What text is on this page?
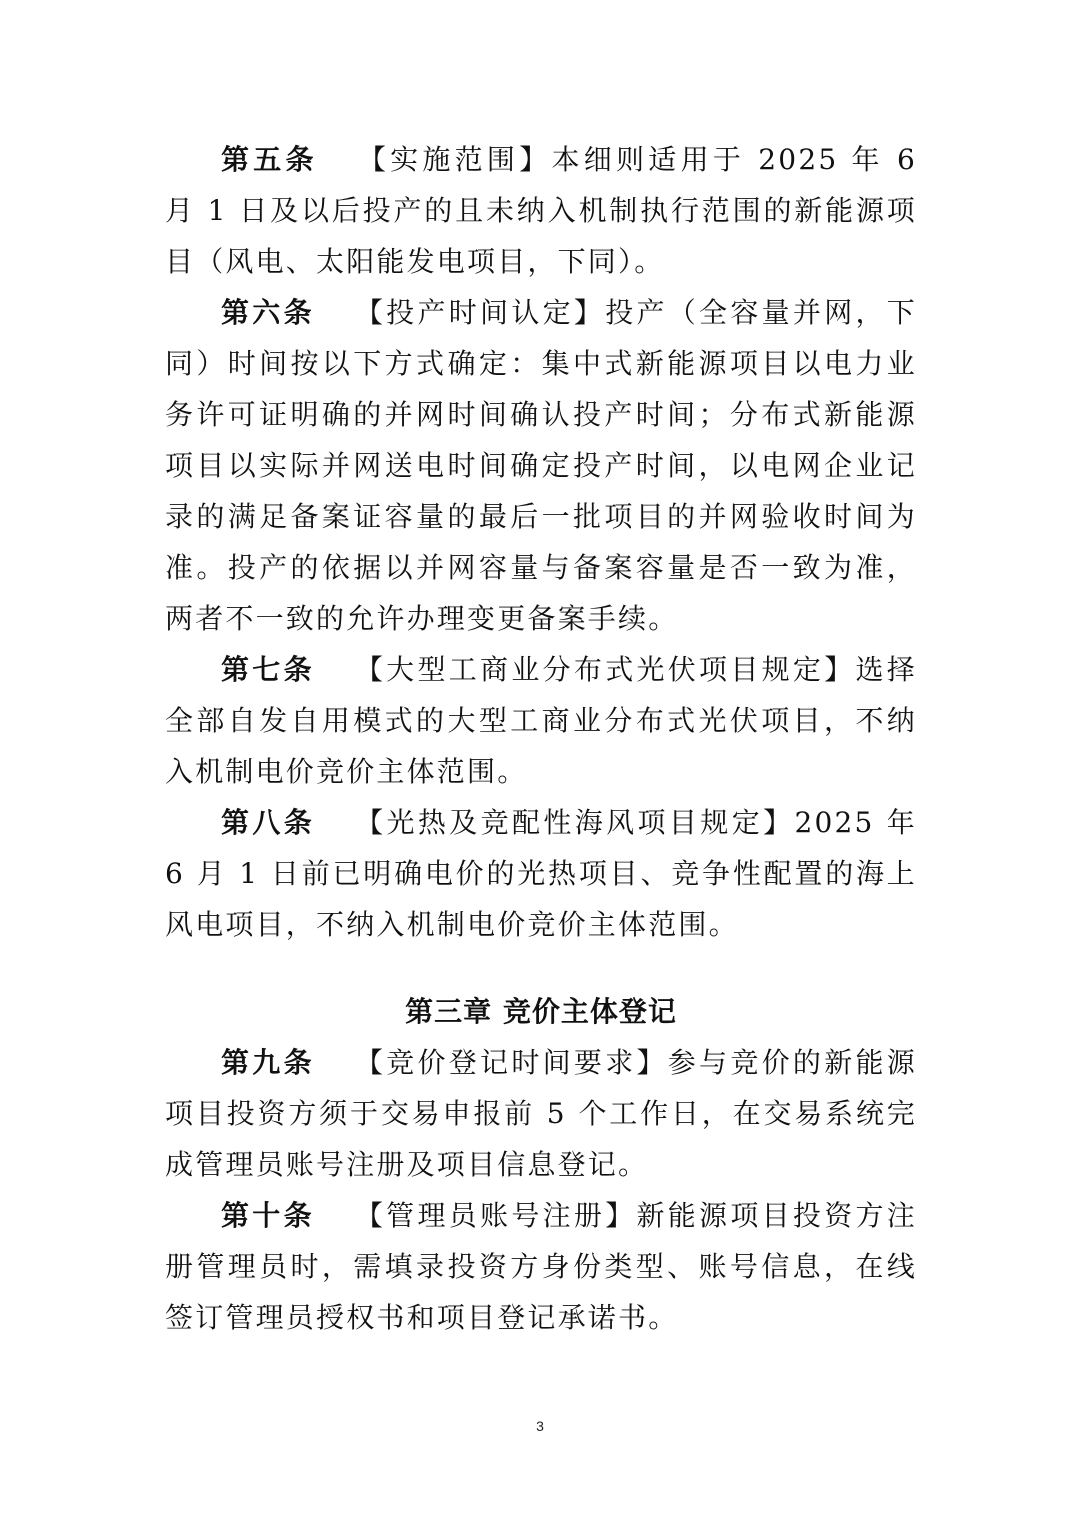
第五条 【实施范围】本细则适用于 2025 年 6 月 1 日及以后投产的且未纳入机制执行范围的新能源项目（风电、太阳能发电项目，下同）。

第六条 【投产时间认定】投产（全容量并网，下同）时间按以下方式确定：集中式新能源项目以电力业务许可证明确的并网时间确认投产时间；分布式新能源项目以实际并网送电时间确定投产时间，以电网企业记录的满足备案证容量的最后一批项目的并网验收时间为准。投产的依据以并网容量与备案容量是否一致为准，两者不一致的允许办理变更备案手续。

第七条 【大型工商业分布式光伏项目规定】选择全部自发自用模式的大型工商业分布式光伏项目，不纳入机制电价竞价主体范围。

第八条 【光热及竞配性海风项目规定】2025 年 6 月 1 日前已明确电价的光热项目、竞争性配置的海上风电项目，不纳入机制电价竞价主体范围。

第三章 竞价主体登记

第九条 【竞价登记时间要求】参与竞价的新能源项目投资方须于交易申报前 5 个工作日，在交易系统完成管理员账号注册及项目信息登记。

第十条 【管理员账号注册】新能源项目投资方注册管理员时，需填录投资方身份类型、账号信息，在线签订管理员授权书和项目登记承诺书。

3
